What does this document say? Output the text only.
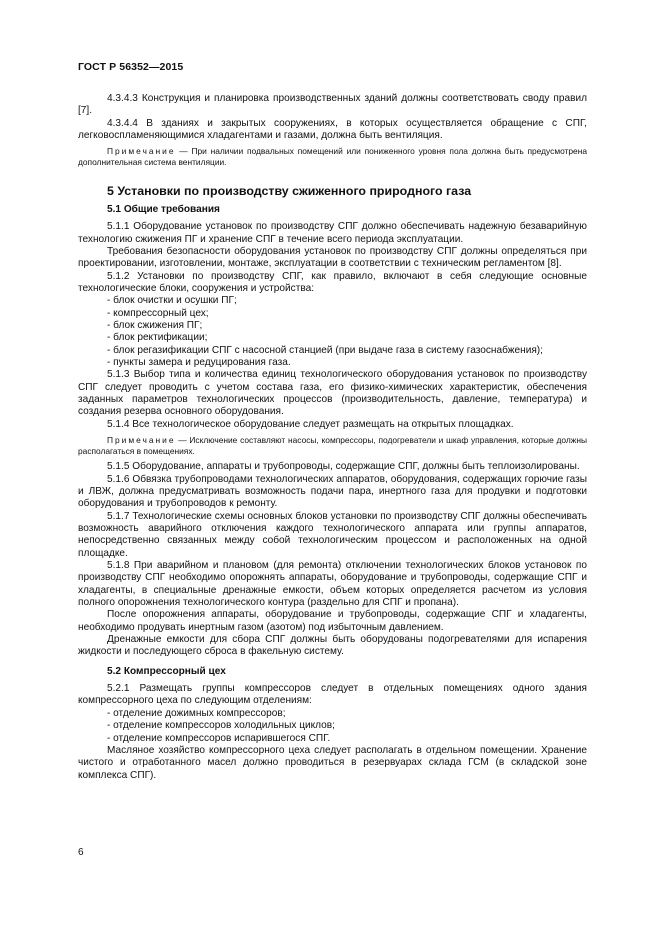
ГОСТ Р 56352—2015
4.3.4.3 Конструкция и планировка производственных зданий должны соответствовать своду правил [7].
4.3.4.4 В зданиях и закрытых сооружениях, в которых осуществляется обращение с СПГ, легковоспламеняющимися хладагентами и газами, должна быть вентиляция.
Примечание — При наличии подвальных помещений или пониженного уровня пола должна быть предусмотрена дополнительная система вентиляции.
5 Установки по производству сжиженного природного газа
5.1 Общие требования
5.1.1 Оборудование установок по производству СПГ должно обеспечивать надежную безаварийную технологию сжижения ПГ и хранение СПГ в течение всего периода эксплуатации.
Требования безопасности оборудования установок по производству СПГ должны определяться при проектировании, изготовлении, монтаже, эксплуатации в соответствии с техническим регламентом [8].
5.1.2 Установки по производству СПГ, как правило, включают в себя следующие основные технологические блоки, сооружения и устройства:
- блок очистки и осушки ПГ;
- компрессорный цех;
- блок сжижения ПГ;
- блок ректификации;
- блок регазификации СПГ с насосной станцией (при выдаче газа в систему газоснабжения);
- пункты замера и редуцирования газа.
5.1.3 Выбор типа и количества единиц технологического оборудования установок по производству СПГ следует проводить с учетом состава газа, его физико-химических характеристик, обеспечения заданных параметров технологических процессов (производительность, давление, температура) и создания резерва основного оборудования.
5.1.4 Все технологическое оборудование следует размещать на открытых площадках.
Примечание — Исключение составляют насосы, компрессоры, подогреватели и шкаф управления, которые должны располагаться в помещениях.
5.1.5 Оборудование, аппараты и трубопроводы, содержащие СПГ, должны быть теплоизолированы.
5.1.6 Обвязка трубопроводами технологических аппаратов, оборудования, содержащих горючие газы и ЛВЖ, должна предусматривать возможность подачи пара, инертного газа для продувки и подготовки оборудования и трубопроводов к ремонту.
5.1.7 Технологические схемы основных блоков установки по производству СПГ должны обеспечивать возможность аварийного отключения каждого технологического аппарата или группы аппаратов, непосредственно связанных между собой технологическим процессом и расположенных на одной площадке.
5.1.8 При аварийном и плановом (для ремонта) отключении технологических блоков установок по производству СПГ необходимо опорожнять аппараты, оборудование и трубопроводы, содержащие СПГ и хладагенты, в специальные дренажные емкости, объем которых определяется расчетом из условия полного опорожнения технологического контура (раздельно для СПГ и пропана).
После опорожнения аппараты, оборудование и трубопроводы, содержащие СПГ и хладагенты, необходимо продувать инертным газом (азотом) под избыточным давлением.
Дренажные емкости для сбора СПГ должны быть оборудованы подогревателями для испарения жидкости и последующего сброса в факельную систему.
5.2 Компрессорный цех
5.2.1 Размещать группы компрессоров следует в отдельных помещениях одного здания компрессорного цеха по следующим отделениям:
- отделение дожимных компрессоров;
- отделение компрессоров холодильных циклов;
- отделение компрессоров испарившегося СПГ.
Масляное хозяйство компрессорного цеха следует располагать в отдельном помещении. Хранение чистого и отработанного масел должно проводиться в резервуарах склада ГСМ (в складской зоне комплекса СПГ).
6
